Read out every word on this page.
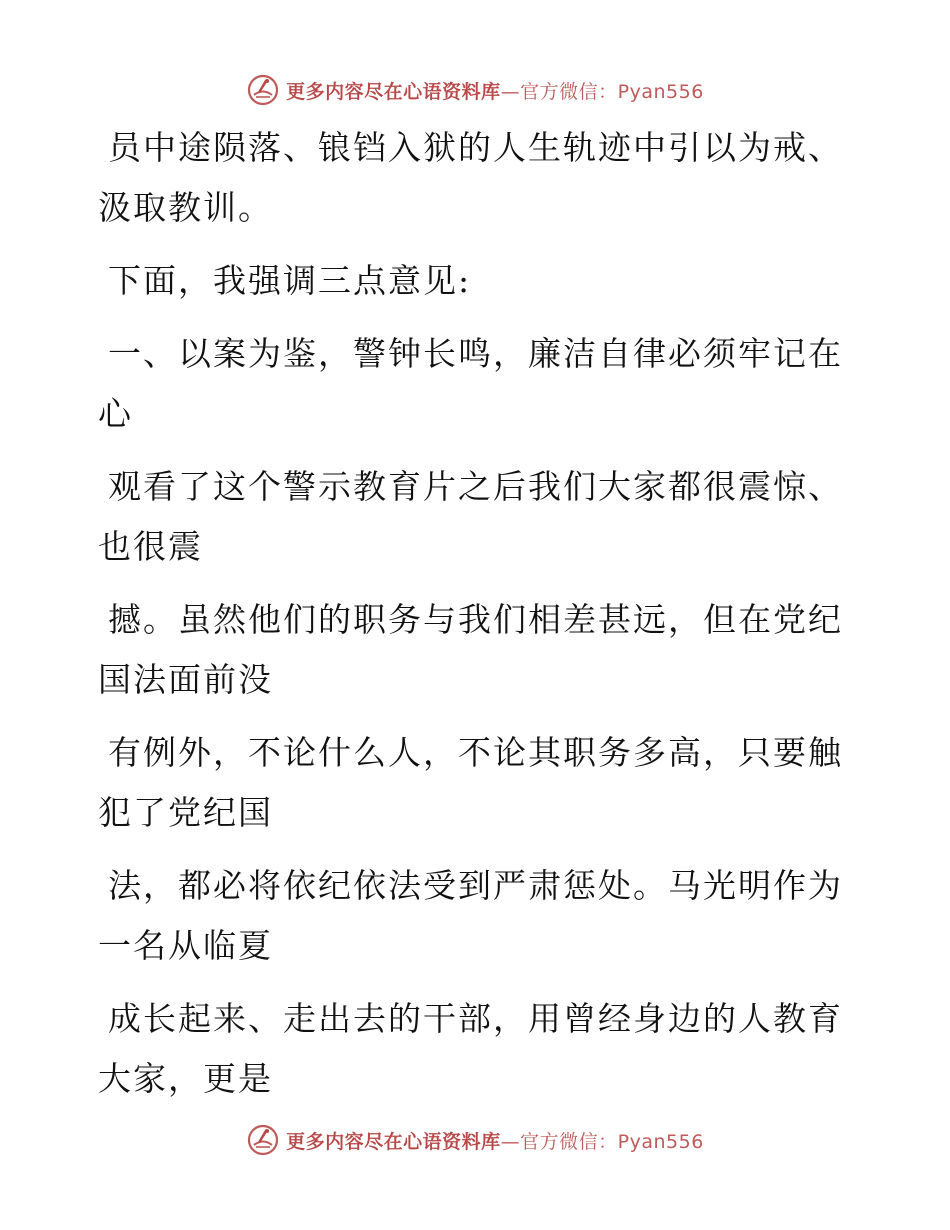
更多内容尽在心语资料库—官方微信：Pyan556

员中途陨落、锒铛入狱的人生轨迹中引以为戒、
汲取教训。

下面，我强调三点意见:

一、以案为鉴，警钟长鸣，廉洁自律必须牢记在
心

观看了这个警示教育片之后我们大家都很震惊、
也很震

撼。虽然他们的职务与我们相差甚远，但在党纪
国法面前没

有例外，不论什么人，不论其职务多高，只要触
犯了党纪国

法，都必将依纪依法受到严肃惩处。马光明作为
一名从临夏

成长起来、走出去的干部，用曾经身边的人教育
大家，更是

更多内容尽在心语资料库—官方微信：Pyan556
